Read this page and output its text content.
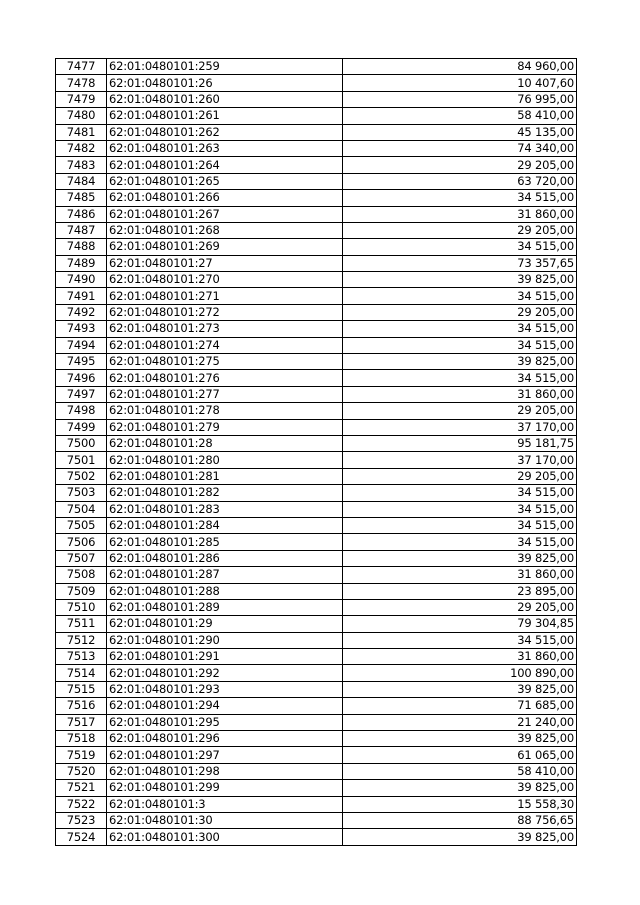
7477	62:01:0480101:259	84 960,00
7478	62:01:0480101:26	10 407,60
7479	62:01:0480101:260	76 995,00
7480	62:01:0480101:261	58 410,00
7481	62:01:0480101:262	45 135,00
7482	62:01:0480101:263	74 340,00
7483	62:01:0480101:264	29 205,00
7484	62:01:0480101:265	63 720,00
7485	62:01:0480101:266	34 515,00
7486	62:01:0480101:267	31 860,00
7487	62:01:0480101:268	29 205,00
7488	62:01:0480101:269	34 515,00
7489	62:01:0480101:27	73 357,65
7490	62:01:0480101:270	39 825,00
7491	62:01:0480101:271	34 515,00
7492	62:01:0480101:272	29 205,00
7493	62:01:0480101:273	34 515,00
7494	62:01:0480101:274	34 515,00
7495	62:01:0480101:275	39 825,00
7496	62:01:0480101:276	34 515,00
7497	62:01:0480101:277	31 860,00
7498	62:01:0480101:278	29 205,00
7499	62:01:0480101:279	37 170,00
7500	62:01:0480101:28	95 181,75
7501	62:01:0480101:280	37 170,00
7502	62:01:0480101:281	29 205,00
7503	62:01:0480101:282	34 515,00
7504	62:01:0480101:283	34 515,00
7505	62:01:0480101:284	34 515,00
7506	62:01:0480101:285	34 515,00
7507	62:01:0480101:286	39 825,00
7508	62:01:0480101:287	31 860,00
7509	62:01:0480101:288	23 895,00
7510	62:01:0480101:289	29 205,00
7511	62:01:0480101:29	79 304,85
7512	62:01:0480101:290	34 515,00
7513	62:01:0480101:291	31 860,00
7514	62:01:0480101:292	100 890,00
7515	62:01:0480101:293	39 825,00
7516	62:01:0480101:294	71 685,00
7517	62:01:0480101:295	21 240,00
7518	62:01:0480101:296	39 825,00
7519	62:01:0480101:297	61 065,00
7520	62:01:0480101:298	58 410,00
7521	62:01:0480101:299	39 825,00
7522	62:01:0480101:3	15 558,30
7523	62:01:0480101:30	88 756,65
7524	62:01:0480101:300	39 825,00
